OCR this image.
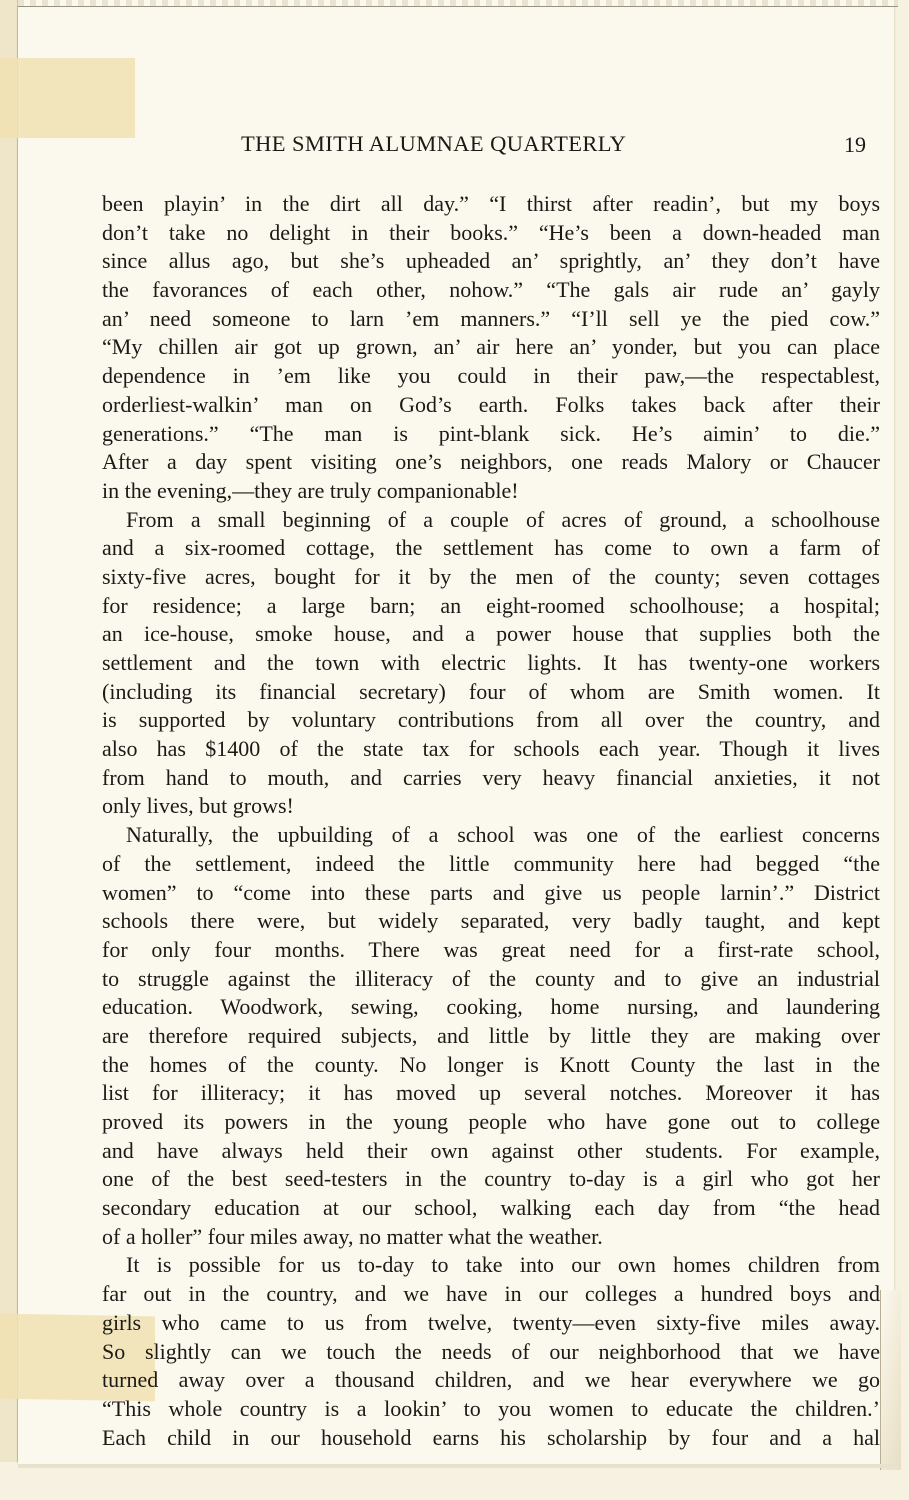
THE SMITH ALUMNAE QUARTERLY	19
been playin’ in the dirt all day.” “I thirst after readin’, but my boys
don’t take no delight in their books.” “He’s been a down-headed man
since allus ago, but she’s upheaded an’ sprightly, an’ they don’t have
the favorances of each other, nohow.” “The gals air rude an’ gayly
an’ need someone to larn ’em manners.” “I’ll sell ye the pied cow.”
“My chillen air got up grown, an’ air here an’ yonder, but you can place
dependence in ’em like you could in their paw,—the respectablest,
orderliest-walkin’ man on God’s earth. Folks takes back after their
generations.” “The man is pint-blank sick. He’s aimin’ to die.”
After a day spent visiting one’s neighbors, one reads Malory or Chaucer
in the evening,—they are truly companionable!
From a small beginning of a couple of acres of ground, a schoolhouse
and a six-roomed cottage, the settlement has come to own a farm of
sixty-five acres, bought for it by the men of the county; seven cottages
for residence; a large barn; an eight-roomed schoolhouse; a hospital;
an ice-house, smoke house, and a power house that supplies both the
settlement and the town with electric lights. It has twenty-one workers
(including its financial secretary) four of whom are Smith women. It
is supported by voluntary contributions from all over the country, and
also has $1400 of the state tax for schools each year. Though it lives
from hand to mouth, and carries very heavy financial anxieties, it not
only lives, but grows!
Naturally, the upbuilding of a school was one of the earliest concerns
of the settlement, indeed the little community here had begged “the
women” to “come into these parts and give us people larnin’.” District
schools there were, but widely separated, very badly taught, and kept
for only four months. There was great need for a first-rate school,
to struggle against the illiteracy of the county and to give an industrial
education. Woodwork, sewing, cooking, home nursing, and laundering
are therefore required subjects, and little by little they are making over
the homes of the county. No longer is Knott County the last in the
list for illiteracy; it has moved up several notches. Moreover it has
proved its powers in the young people who have gone out to college
and have always held their own against other students. For example,
one of the best seed-testers in the country to-day is a girl who got her
secondary education at our school, walking each day from “the head
of a holler” four miles away, no matter what the weather.
It is possible for us to-day to take into our own homes children from
far out in the country, and we have in our colleges a hundred boys and
girls who came to us from twelve, twenty—even sixty-five miles away.
So slightly can we touch the needs of our neighborhood that we have
turned away over a thousand children, and we hear everywhere we go
“This whole country is a lookin’ to you women to educate the children.’
Each child in our household earns his scholarship by four and a hal
